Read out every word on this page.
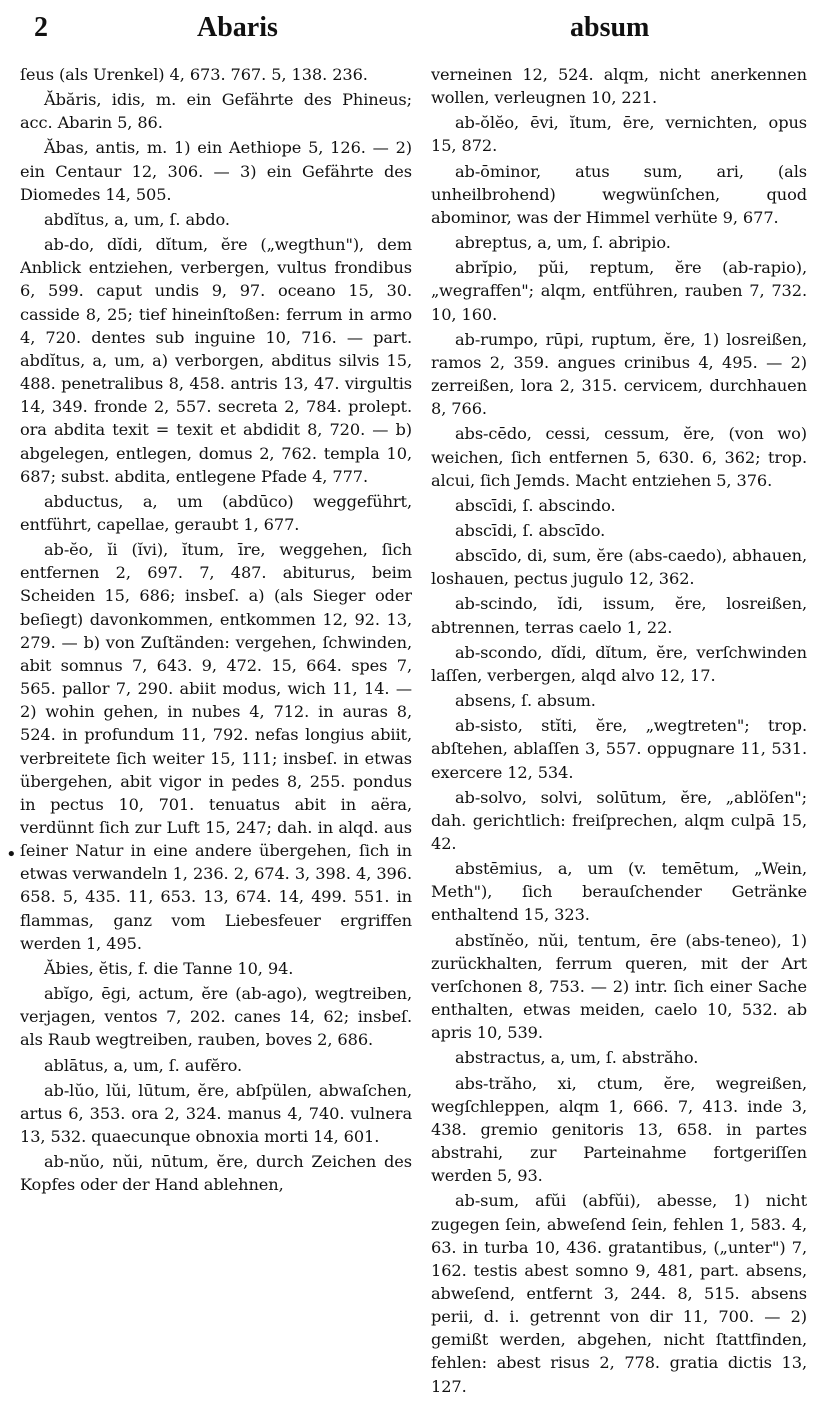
2	Abaris	absum
•

ſeus (als Urenkel) 4, 673. 767. 5, 138. 236.

Ăbăris, idis, m. ein Gefährte des Phineus; acc. Abarin 5, 86.

Ăbas, antis, m. 1) ein Aethiope 5, 126. — 2) ein Centaur 12, 306. — 3) ein Gefährte des Diomedes 14, 505.

abdĭtus, a, um, ſ. abdo.

ab-do, dĭdi, dĭtum, ĕre („wegthun"), dem Anblick entziehen, verbergen, vultus frondibus 6, 599. caput undis 9, 97. oceano 15, 30. casside 8, 25; tief hineinſtoßen: ferrum in armo 4, 720. dentes sub inguine 10, 716. — part. abdĭtus, a, um, a) verborgen, abditus silvis 15, 488. penetralibus 8, 458. antris 13, 47. virgultis 14, 349. fronde 2, 557. secreta 2, 784. prolept. ora abdita texit = texit et abdidit 8, 720. — b) abgelegen, entlegen, domus 2, 762. templa 10, 687; subst. abdita, entlegene Pfade 4, 777.

abductus, a, um (abdūco) weggeführt, entführt, capellae, geraubt 1, 677.

ab-ĕo, ĭi (ĭvi), ĭtum, īre, weggehen, ſich entfernen 2, 697. 7, 487. abiturus, beim Scheiden 15, 686; insbeſ. a) (als Sieger oder beſiegt) davonkommen, entkommen 12, 92. 13, 279. — b) von Zuſtänden: vergehen, ſchwinden, abit somnus 7, 643. 9, 472. 15, 664. spes 7, 565. pallor 7, 290. abiit modus, wich 11, 14. — 2) wohin gehen, in nubes 4, 712. in auras 8, 524. in profundum 11, 792. nefas longius abiit, verbreitete ſich weiter 15, 111; insbeſ. in etwas übergehen, abit vigor in pedes 8, 255. pondus in pectus 10, 701. tenuatus abit in aëra, verdünnt ſich zur Luft 15, 247; dah. in alqd. aus ſeiner Natur in eine andere übergehen, ſich in etwas verwandeln 1, 236. 2, 674. 3, 398. 4, 396. 658. 5, 435. 11, 653. 13, 674. 14, 499. 551. in flammas, ganz vom Liebesfeuer ergriffen werden 1, 495.

Ăbies, ĕtis, f. die Tanne 10, 94.

abĭgo, ēgi, actum, ĕre (ab-ago), wegtreiben, verjagen, ventos 7, 202. canes 14, 62; insbeſ. als Raub wegtreiben, rauben, boves 2, 686.

ablātus, a, um, ſ. aufĕro.

ab-lŭo, lŭi, lūtum, ĕre, abſpülen, abwaſchen, artus 6, 353. ora 2, 324. manus 4, 740. vulnera 13, 532. quaecunque obnoxia morti 14, 601.

ab-nŭo, nŭi, nūtum, ĕre, durch Zeichen des Kopfes oder der Hand ablehnen,

verneinen 12, 524. alqm, nicht anerkennen wollen, verleugnen 10, 221.

ab-ŏlĕo, ēvi, ĭtum, ēre, vernichten, opus 15, 872.

ab-ōminor, atus sum, ari, (als unheilbrohend) wegwünſchen, quod abominor, was der Himmel verhüte 9, 677.

abreptus, a, um, ſ. abripio.

abrĭpio, pŭi, reptum, ĕre (ab-rapio), „wegraffen"; alqm, entführen, rauben 7, 732. 10, 160.

ab-rumpo, rūpi, ruptum, ĕre, 1) losreißen, ramos 2, 359. angues crinibus 4, 495. — 2) zerreißen, lora 2, 315. cervicem, durchhauen 8, 766.

abs-cēdo, cessi, cessum, ĕre, (von wo) weichen, ſich entfernen 5, 630. 6, 362; trop. alcui, ſich Jemds. Macht entziehen 5, 376.

abscīdi, ſ. abscindo.

abscīdi, ſ. abscīdo.

abscīdo, di, sum, ĕre (abs-caedo), abhauen, loshauen, pectus jugulo 12, 362.

ab-scindo, ĭdi, issum, ĕre, losreißen, abtrennen, terras caelo 1, 22.

ab-scondo, dĭdi, dĭtum, ĕre, verſchwinden laſſen, verbergen, alqd alvo 12, 17.

absens, ſ. absum.

ab-sisto, stĭti, ĕre, „wegtreten"; trop. abſtehen, ablaſſen 3, 557. oppugnare 11, 531. exercere 12, 534.

ab-solvo, solvi, solūtum, ĕre, „ablöſen"; dah. gerichtlich: freiſprechen, alqm culpā 15, 42.

abstēmius, a, um (v. temētum, „Wein, Meth"), ſich berauſchender Getränke enthaltend 15, 323.

abstĭnĕo, nŭi, tentum, ēre (abs-teneo), 1) zurückhalten, ferrum queren, mit der Art verſchonen 8, 753. — 2) intr. ſich einer Sache enthalten, etwas meiden, caelo 10, 532. ab apris 10, 539.

abstractus, a, um, ſ. abstrăho.

abs-trăho, xi, ctum, ĕre, wegreißen, wegſchleppen, alqm 1, 666. 7, 413. inde 3, 438. gremio genitoris 13, 658. in partes abstrahi, zur Parteinahme fortgeriſſen werden 5, 93.

ab-sum, afŭi (abfŭi), abesse, 1) nicht zugegen ſein, abweſend ſein, fehlen 1, 583. 4, 63. in turba 10, 436. gratantibus, („unter") 7, 162. testis abest somno 9, 481, part. absens, abweſend, entfernt 3, 244. 8, 515. absens perii, d. i. getrennt von dir 11, 700. — 2) gemißt werden, abgehen, nicht ſtattfinden, fehlen: abest risus 2, 778. gratia dictis 13, 127.
